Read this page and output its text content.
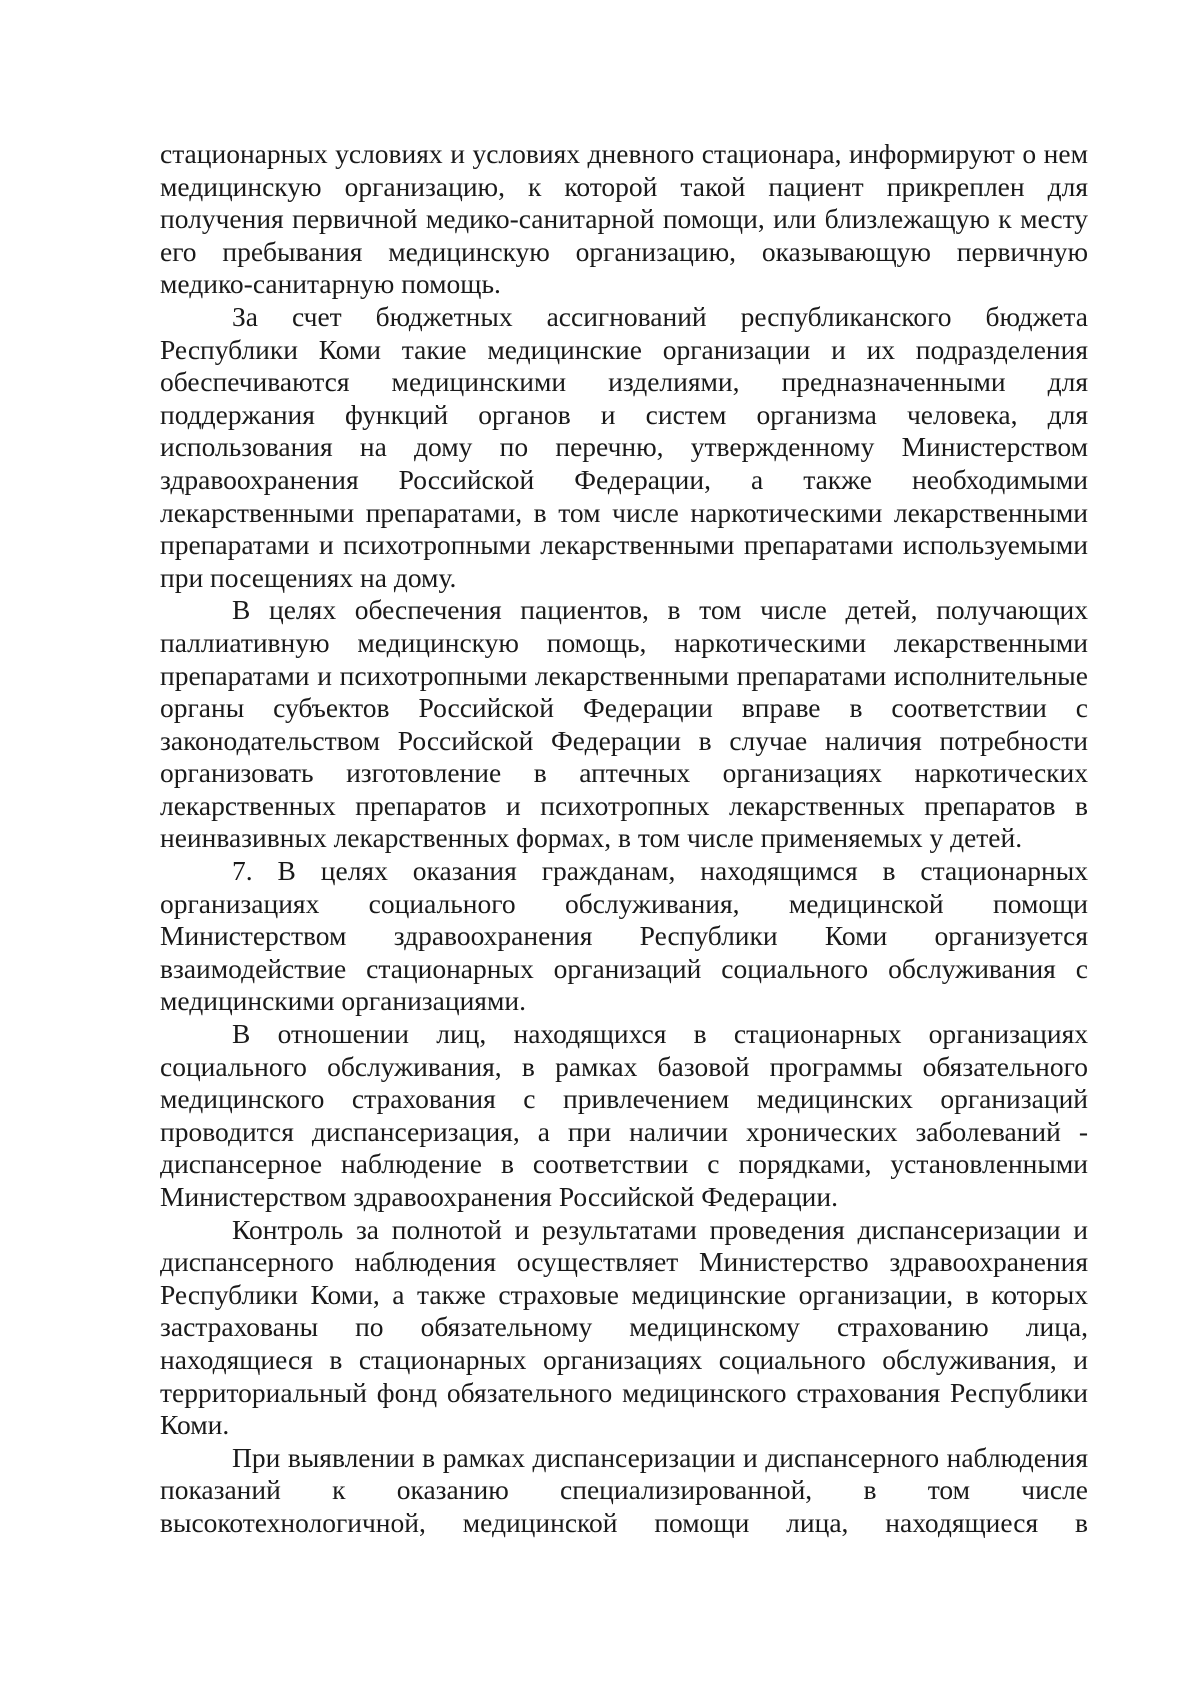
стационарных условиях и условиях дневного стационара, информируют о нем медицинскую организацию, к которой такой пациент прикреплен для получения первичной медико-санитарной помощи, или близлежащую к месту его пребывания медицинскую организацию, оказывающую первичную медико-санитарную помощь.

За счет бюджетных ассигнований республиканского бюджета Республики Коми такие медицинские организации и их подразделения обеспечиваются медицинскими изделиями, предназначенными для поддержания функций органов и систем организма человека, для использования на дому по перечню, утвержденному Министерством здравоохранения Российской Федерации, а также необходимыми лекарственными препаратами, в том числе наркотическими лекарственными препаратами и психотропными лекарственными препаратами используемыми при посещениях на дому.

В целях обеспечения пациентов, в том числе детей, получающих паллиативную медицинскую помощь, наркотическими лекарственными препаратами и психотропными лекарственными препаратами исполнительные органы субъектов Российской Федерации вправе в соответствии с законодательством Российской Федерации в случае наличия потребности организовать изготовление в аптечных организациях наркотических лекарственных препаратов и психотропных лекарственных препаратов в неинвазивных лекарственных формах, в том числе применяемых у детей.

7. В целях оказания гражданам, находящимся в стационарных организациях социального обслуживания, медицинской помощи Министерством здравоохранения Республики Коми организуется взаимодействие стационарных организаций социального обслуживания с медицинскими организациями.

В отношении лиц, находящихся в стационарных организациях социального обслуживания, в рамках базовой программы обязательного медицинского страхования с привлечением медицинских организаций проводится диспансеризация, а при наличии хронических заболеваний - диспансерное наблюдение в соответствии с порядками, установленными Министерством здравоохранения Российской Федерации.

Контроль за полнотой и результатами проведения диспансеризации и диспансерного наблюдения осуществляет Министерство здравоохранения Республики Коми, а также страховые медицинские организации, в которых застрахованы по обязательному медицинскому страхованию лица, находящиеся в стационарных организациях социального обслуживания, и территориальный фонд обязательного медицинского страхования Республики Коми.

При выявлении в рамках диспансеризации и диспансерного наблюдения показаний к оказанию специализированной, в том числе высокотехнологичной, медицинской помощи лица, находящиеся в
